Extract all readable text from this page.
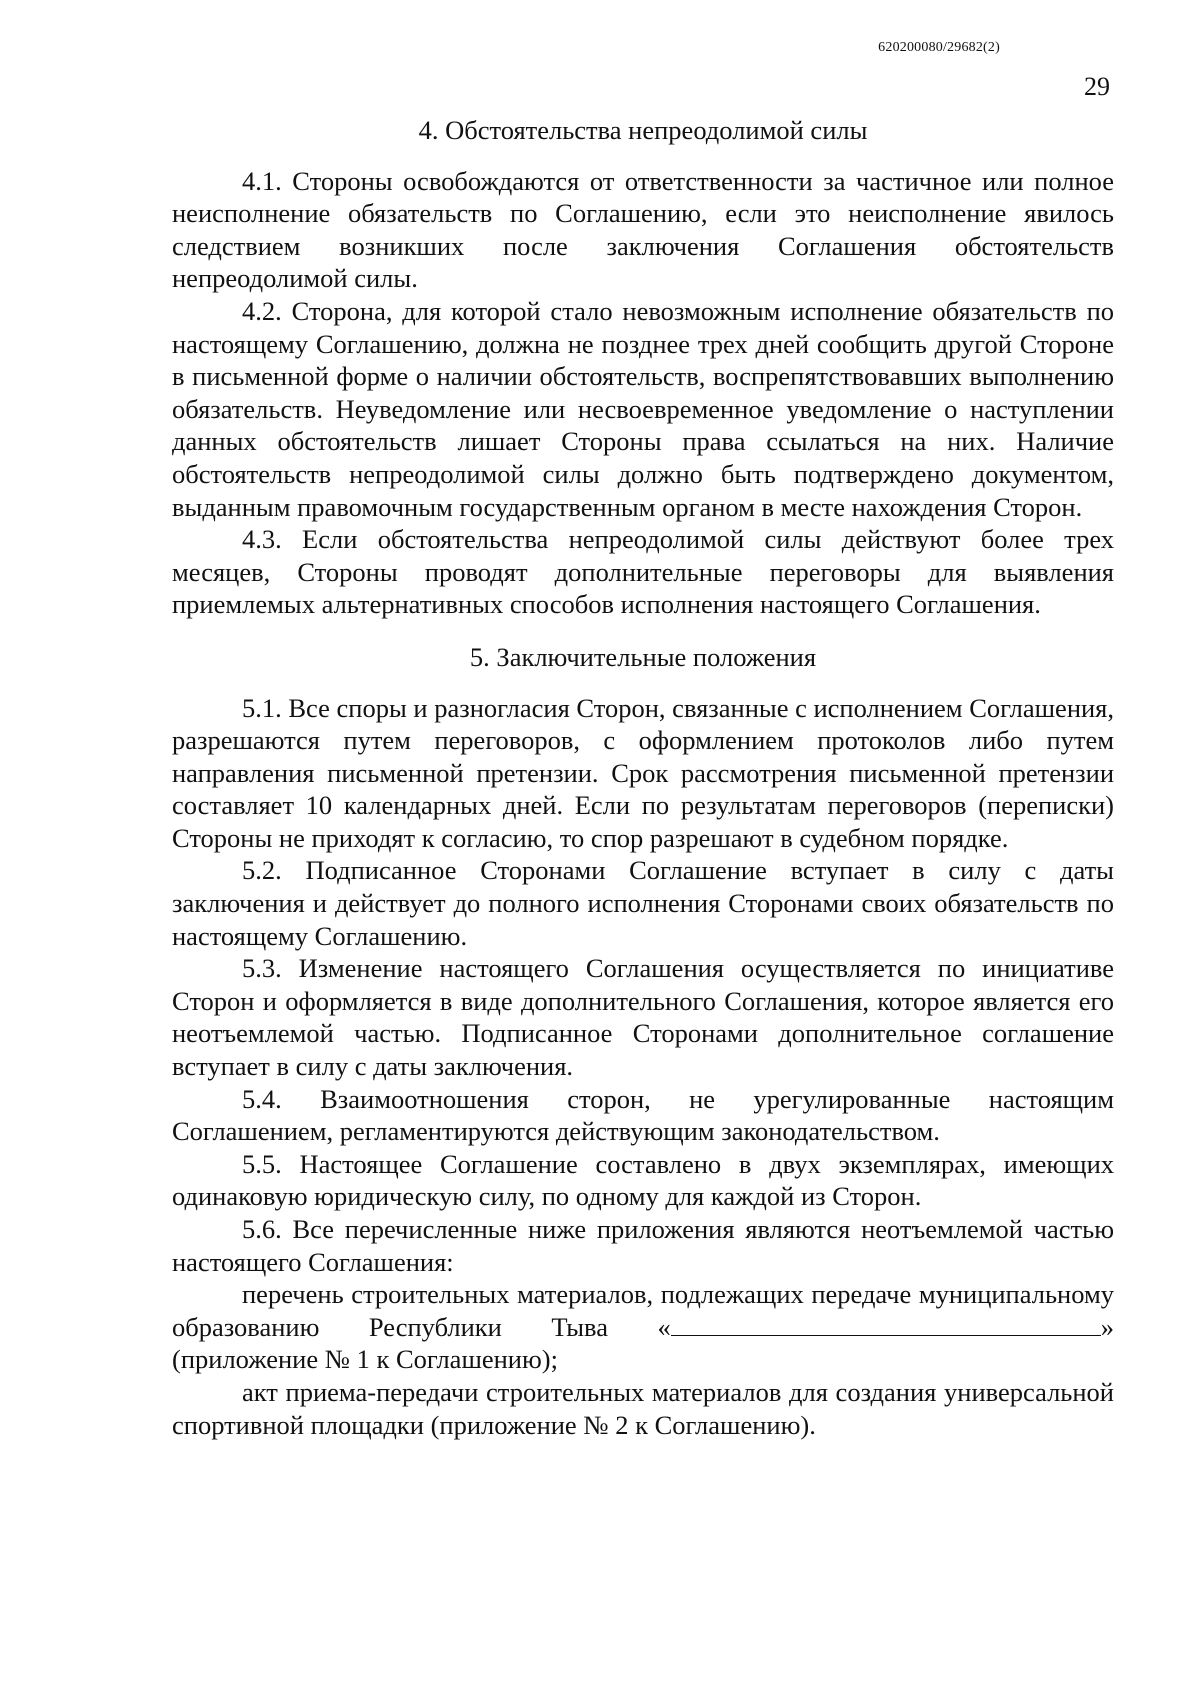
620200080/29682(2)
29
4. Обстоятельства непреодолимой силы

4.1. Стороны освобождаются от ответственности за частичное или полное неисполнение обязательств по Соглашению, если это неисполнение явилось следствием возникших после заключения Соглашения обстоятельств непреодолимой силы.

4.2. Сторона, для которой стало невозможным исполнение обязательств по настоящему Соглашению, должна не позднее трех дней сообщить другой Стороне в письменной форме о наличии обстоятельств, воспрепятствовавших выполнению обязательств. Неуведомление или несвоевременное уведомление о наступлении данных обстоятельств лишает Стороны права ссылаться на них. Наличие обстоятельств непреодолимой силы должно быть подтверждено документом, выданным правомочным государственным органом в месте нахождения Сторон.

4.3. Если обстоятельства непреодолимой силы действуют более трех месяцев, Стороны проводят дополнительные переговоры для выявления приемлемых альтернативных способов исполнения настоящего Соглашения.

5. Заключительные положения

5.1. Все споры и разногласия Сторон, связанные с исполнением Соглашения, разрешаются путем переговоров, с оформлением протоколов либо путем направления письменной претензии. Срок рассмотрения письменной претензии составляет 10 календарных дней. Если по результатам переговоров (переписки) Стороны не приходят к согласию, то спор разрешают в судебном порядке.

5.2. Подписанное Сторонами Соглашение вступает в силу с даты заключения и действует до полного исполнения Сторонами своих обязательств по настоящему Соглашению.

5.3. Изменение настоящего Соглашения осуществляется по инициативе Сторон и оформляется в виде дополнительного Соглашения, которое является его неотъемлемой частью. Подписанное Сторонами дополнительное соглашение вступает в силу с даты заключения.

5.4. Взаимоотношения сторон, не урегулированные настоящим Соглашением, регламентируются действующим законодательством.

5.5. Настоящее Соглашение составлено в двух экземплярах, имеющих одинаковую юридическую силу, по одному для каждой из Сторон.

5.6. Все перечисленные ниже приложения являются неотъемлемой частью настоящего Соглашения:

перечень строительных материалов, подлежащих передаче муниципальному образованию Республики Тыва «	» (приложение № 1 к Соглашению);

акт приема-передачи строительных материалов для создания универсальной спортивной площадки (приложение № 2 к Соглашению).
